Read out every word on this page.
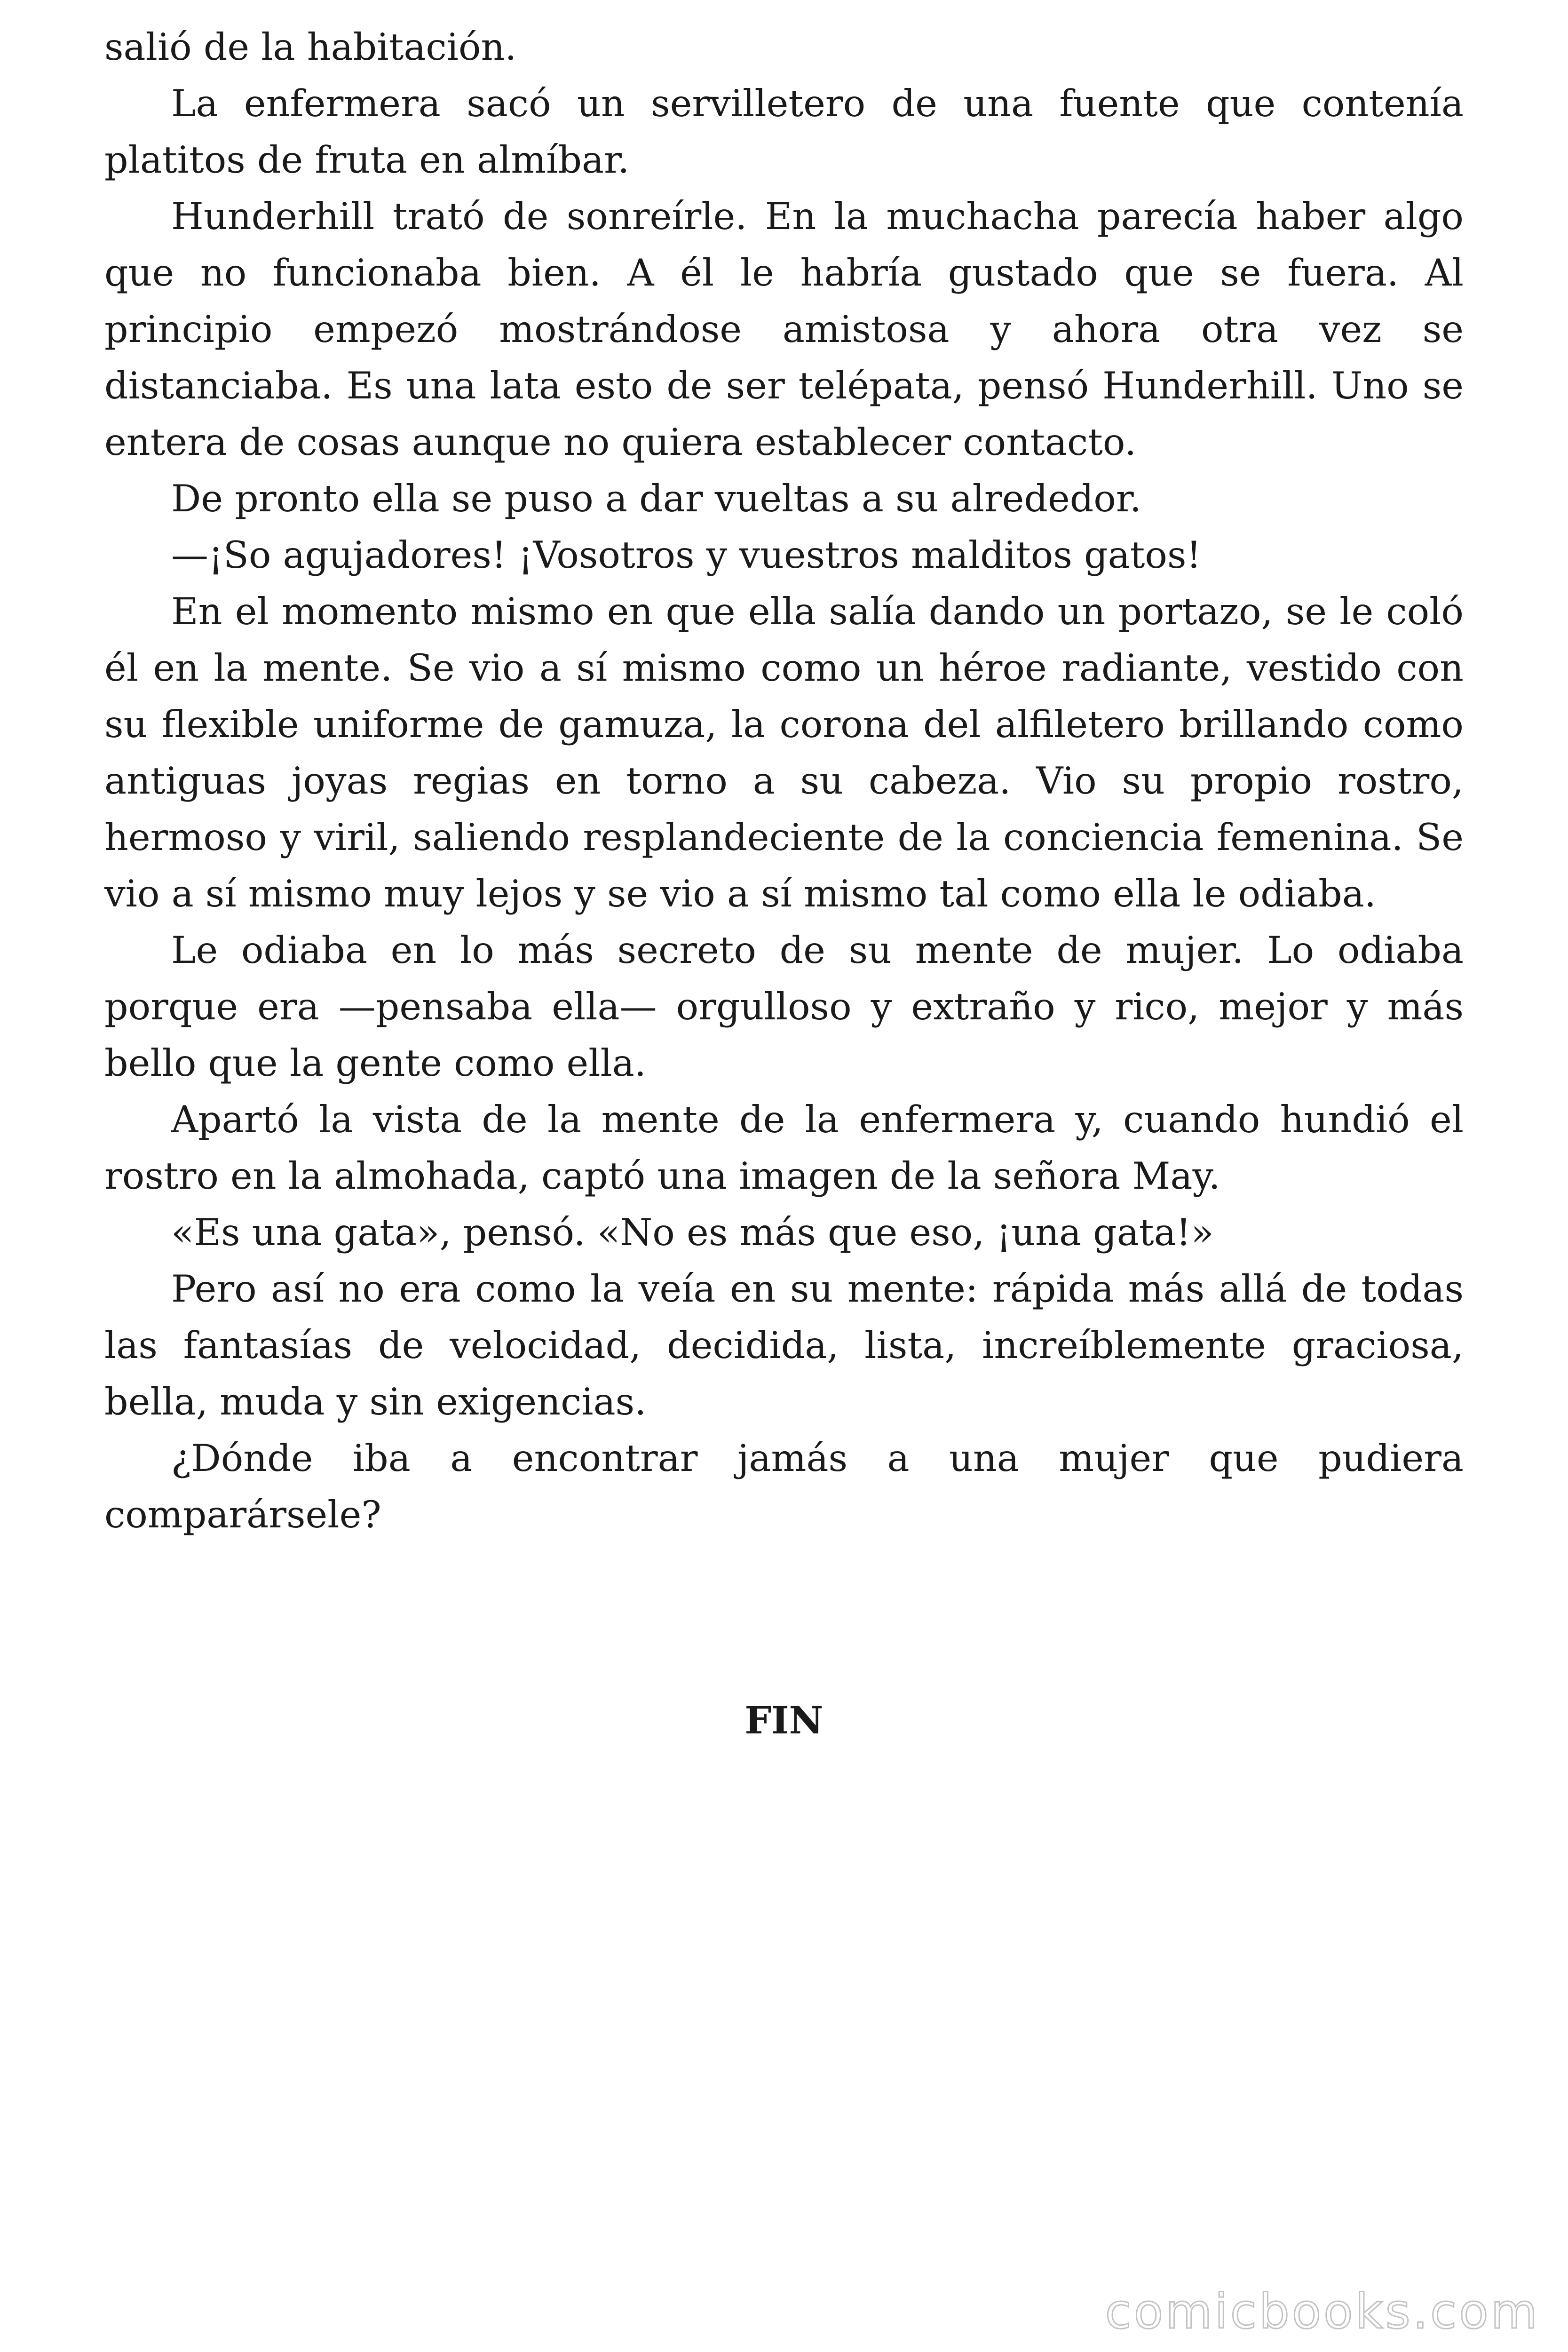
salió de la habitación.

La enfermera sacó un servilletero de una fuente que contenía platitos de fruta en almíbar.

Hunderhill trató de sonreírle. En la muchacha parecía haber algo que no funcionaba bien. A él le habría gustado que se fuera. Al principio empezó mostrándose amistosa y ahora otra vez se distanciaba. Es una lata esto de ser telépata, pensó Hunderhill. Uno se entera de cosas aunque no quiera establecer contacto.

De pronto ella se puso a dar vueltas a su alrededor.

—¡So agujadores! ¡Vosotros y vuestros malditos gatos!

En el momento mismo en que ella salía dando un portazo, se le coló él en la mente. Se vio a sí mismo como un héroe radiante, vestido con su flexible uniforme de gamuza, la corona del alfiletero brillando como antiguas joyas regias en torno a su cabeza. Vio su propio rostro, hermoso y viril, saliendo resplandeciente de la conciencia femenina. Se vio a sí mismo muy lejos y se vio a sí mismo tal como ella le odiaba.

Le odiaba en lo más secreto de su mente de mujer. Lo odiaba porque era —pensaba ella— orgulloso y extraño y rico, mejor y más bello que la gente como ella.

Apartó la vista de la mente de la enfermera y, cuando hundió el rostro en la almohada, captó una imagen de la señora May.

«Es una gata», pensó. «No es más que eso, ¡una gata!»

Pero así no era como la veía en su mente: rápida más allá de todas las fantasías de velocidad, decidida, lista, increíblemente graciosa, bella, muda y sin exigencias.

¿Dónde iba a encontrar jamás a una mujer que pudiera comparársele?

FIN
comicbooks.com
